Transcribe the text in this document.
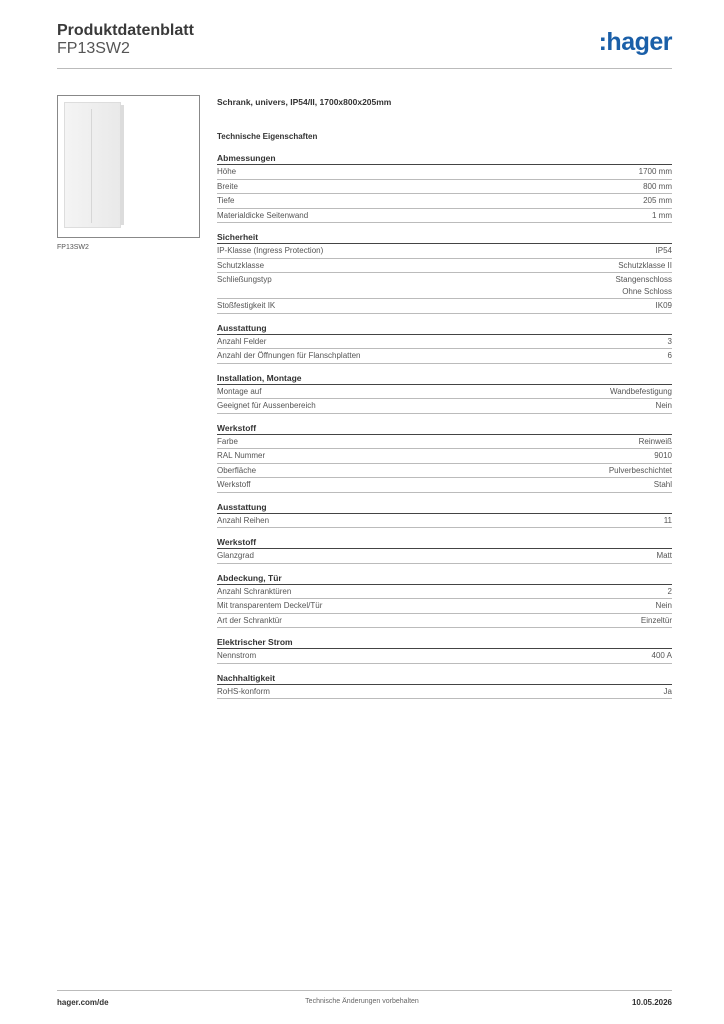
Produktdatenblatt
FP13SW2	:hager
FP13SW2
Schrank, univers, IP54/II, 1700x800x205mm
Technische Eigenschaften
Abmessungen
Höhe	1700 mm
Breite	800 mm
Tiefe	205 mm
Materialdicke Seitenwand	1 mm
Sicherheit
IP-Klasse (Ingress Protection)	IP54
Schutzklasse	Schutzklasse II
Schließungstyp	Stangenschloss
Ohne Schloss
Stoßfestigkeit IK	IK09
Ausstattung
Anzahl Felder	3
Anzahl der Öffnungen für Flanschplatten	6
Installation, Montage
Montage auf	Wandbefestigung
Geeignet für Aussenbereich	Nein
Werkstoff
Farbe	Reinweiß
RAL Nummer	9010
Oberfläche	Pulverbeschichtet
Werkstoff	Stahl
Ausstattung
Anzahl Reihen	11
Werkstoff
Glanzgrad	Matt
Abdeckung, Tür
Anzahl Schranktüren	2
Mit transparentem Deckel/Tür	Nein
Art der Schranktür	Einzeltür
Elektrischer Strom
Nennstrom	400 A
Nachhaltigkeit
RoHS-konform	Ja
hager.com/de	Technische Änderungen vorbehalten	10.05.2026
